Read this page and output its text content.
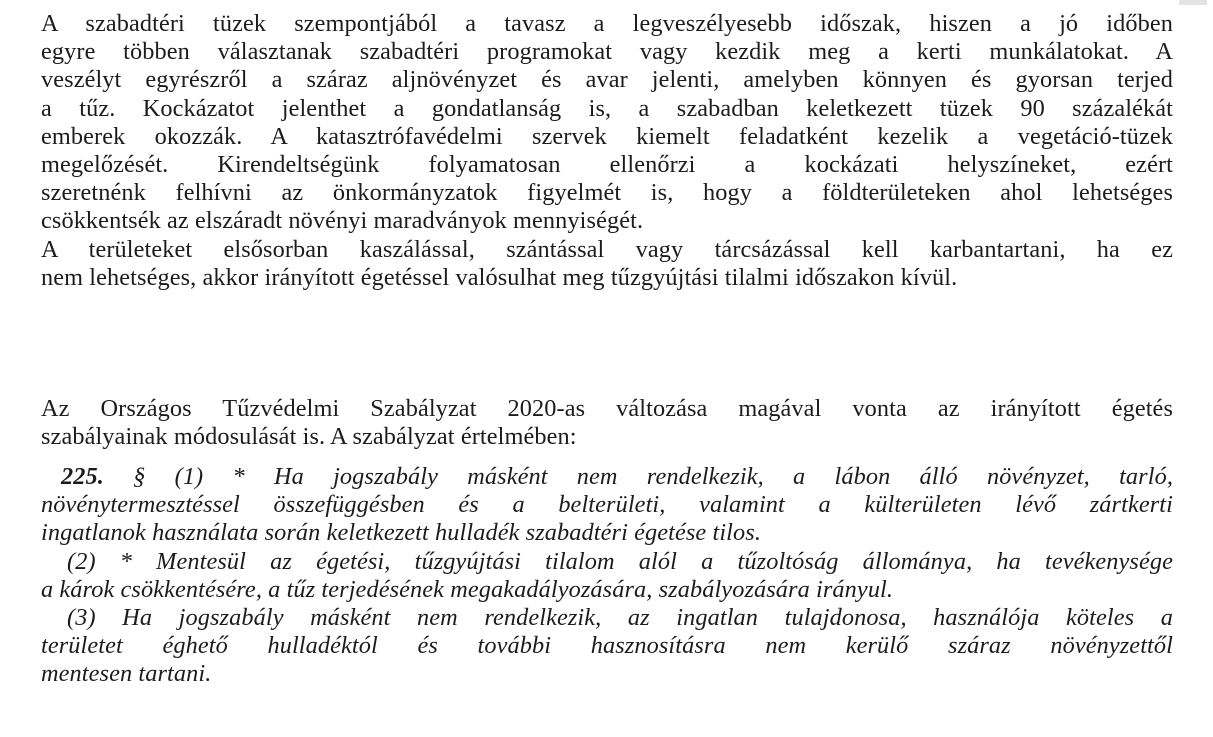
A szabadtéri tüzek szempontjából a tavasz a legveszélyesebb időszak, hiszen a jó időben
egyre többen választanak szabadtéri programokat vagy kezdik meg a kerti munkálatokat. A
veszélyt egyrészről a száraz aljnövényzet és avar jelenti, amelyben könnyen és gyorsan terjed
a tűz. Kockázatot jelenthet a gondatlanság is, a szabadban keletkezett tüzek 90 százalékát
emberek okozzák. A katasztrófavédelmi szervek kiemelt feladatként kezelik a vegetáció-tüzek
megelőzését. Kirendeltségünk folyamatosan ellenőrzi a kockázati helyszíneket, ezért
szeretnénk felhívni az önkormányzatok figyelmét is, hogy a földterületeken ahol lehetséges
csökkentsék az elszáradt növényi maradványok mennyiségét.
A területeket elsősorban kaszálással, szántással vagy tárcsázással kell karbantartani, ha ez
nem lehetséges, akkor irányított égetéssel valósulhat meg tűzgyújtási tilalmi időszakon kívül.
Az Országos Tűzvédelmi Szabályzat 2020-as változása magával vonta az irányított égetés
szabályainak módosulását is. A szabályzat értelmében:
225. § (1) * Ha jogszabály másként nem rendelkezik, a lábon álló növényzet, tarló,
növénytermesztéssel összefüggésben és a belterületi, valamint a külterületen lévő zártkerti
ingatlanok használata során keletkezett hulladék szabadtéri égetése tilos.
(2) * Mentesül az égetési, tűzgyújtási tilalom alól a tűzoltóság állománya, ha tevékenysége
a károk csökkentésére, a tűz terjedésének megakadályozására, szabályozására irányul.
(3) Ha jogszabály másként nem rendelkezik, az ingatlan tulajdonosa, használója köteles a
területet éghető hulladéktól és további hasznosításra nem kerülő száraz növényzettől
mentesen tartani.
